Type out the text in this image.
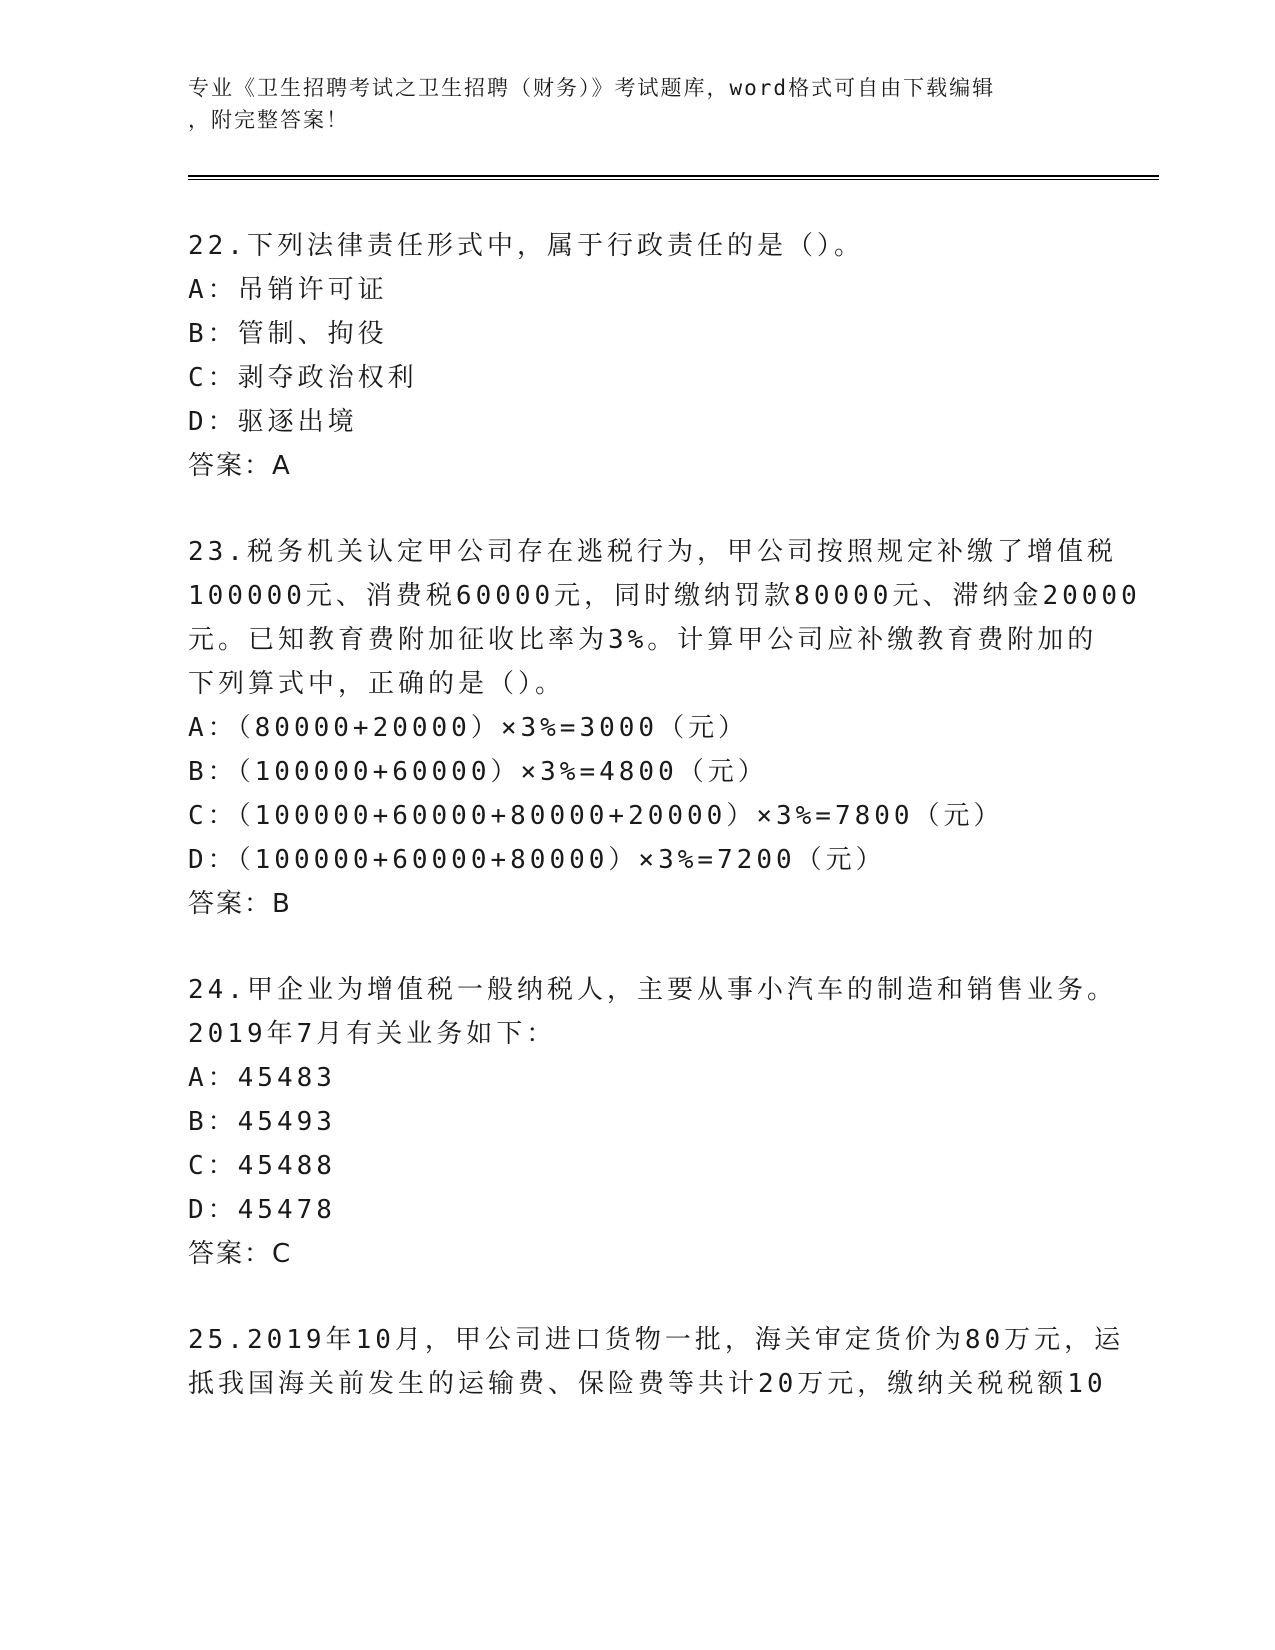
专业《卫生招聘考试之卫生招聘（财务）》考试题库，word格式可自由下载编辑
，附完整答案！
22.下列法律责任形式中，属于行政责任的是（）。
A：吊销许可证
B：管制、拘役
C：剥夺政治权利
D：驱逐出境
答案：A
23.税务机关认定甲公司存在逃税行为，甲公司按照规定补缴了增值税
100000元、消费税60000元，同时缴纳罚款80000元、滞纳金20000
元。已知教育费附加征收比率为3%。计算甲公司应补缴教育费附加的
下列算式中，正确的是（）。
A：（80000+20000）×3%=3000（元）
B：（100000+60000）×3%=4800（元）
C：（100000+60000+80000+20000）×3%=7800（元）
D：（100000+60000+80000）×3%=7200（元）
答案：B
24.甲企业为增值税一般纳税人，主要从事小汽车的制造和销售业务。
2019年7月有关业务如下：
A：45483
B：45493
C：45488
D：45478
答案：C
25.2019年10月，甲公司进口货物一批，海关审定货价为80万元，运
抵我国海关前发生的运输费、保险费等共计20万元，缴纳关税税额10
